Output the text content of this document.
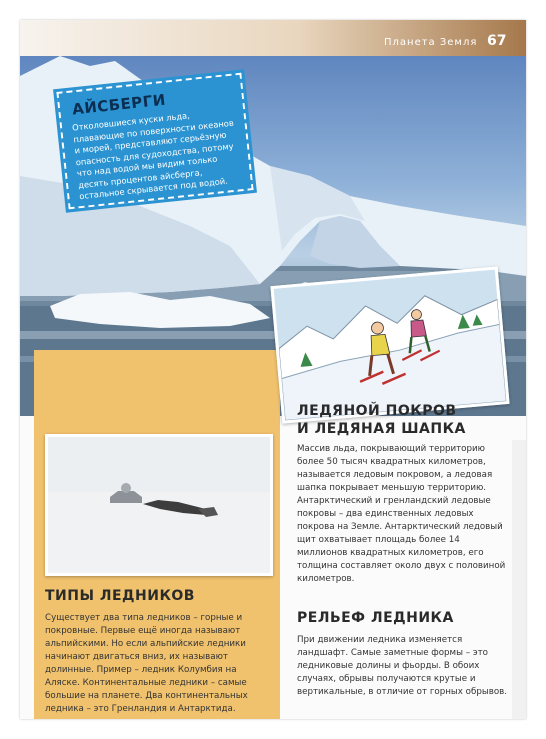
Планета Земля 67
АЙСБЕРГИ
Отколовшиеся куски льда, плавающие по поверхности океанов и морей, представляют серьёзную опасность для судоходства, потому что над водой мы видим только десять процентов айсберга, остальное скрывается под водой.
ТИПЫ ЛЕДНИКОВ
Существует два типа ледников – горные и покровные. Первые ещё иногда называют альпийскими. Но если альпийские ледники начинают двигаться вниз, их называют долинные. Пример – ледник Колумбия на Аляске. Континентальные ледники – самые большие на планете. Два континентальных ледника – это Гренландия и Антарктида.
ЛЕДЯНОЙ ПОКРОВ
И ЛЕДЯНАЯ ШАПКА
Массив льда, покрывающий территорию более 50 тысяч квадратных километров, называется ледовым покровом, а ледовая шапка покрывает меньшую территорию. Антарктический и гренландский ледовые покровы – два единственных ледовых покрова на Земле. Антарктический ледовый щит охватывает площадь более 14 миллионов квадратных километров, его толщина составляет около двух с половиной километров.
РЕЛЬЕФ ЛЕДНИКА
При движении ледника изменяется ландшафт. Самые заметные формы – это ледниковые долины и фьорды. В обоих случаях, обрывы получаются крутые и вертикальные, в отличие от горных обрывов.
